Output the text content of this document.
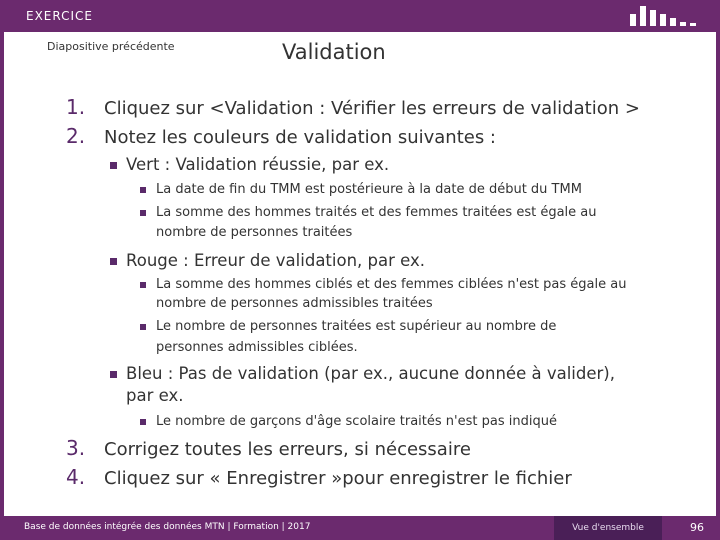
EXERCICE
Diapositive précédente	Validation
1. Cliquez sur <Validation : Vérifier les erreurs de validation >
2. Notez les couleurs de validation suivantes :
Vert : Validation réussie, par ex.
La date de fin du TMM est postérieure à la date de début du TMM
La somme des hommes traités et des femmes traitées est égale au
nombre de personnes traitées
Rouge : Erreur de validation, par ex.
La somme des hommes ciblés et des femmes ciblées n'est pas égale au
nombre de personnes admissibles traitées
Le nombre de personnes traitées est supérieur au nombre de
personnes admissibles ciblées.
Bleu : Pas de validation (par ex., aucune donnée à valider),
par ex.
Le nombre de garçons d'âge scolaire traités n'est pas indiqué
3. Corrigez toutes les erreurs, si nécessaire
4. Cliquez sur « Enregistrer »pour enregistrer le fichier
Base de données intégrée des données MTN | Formation | 2017	Vue d'ensemble	96
